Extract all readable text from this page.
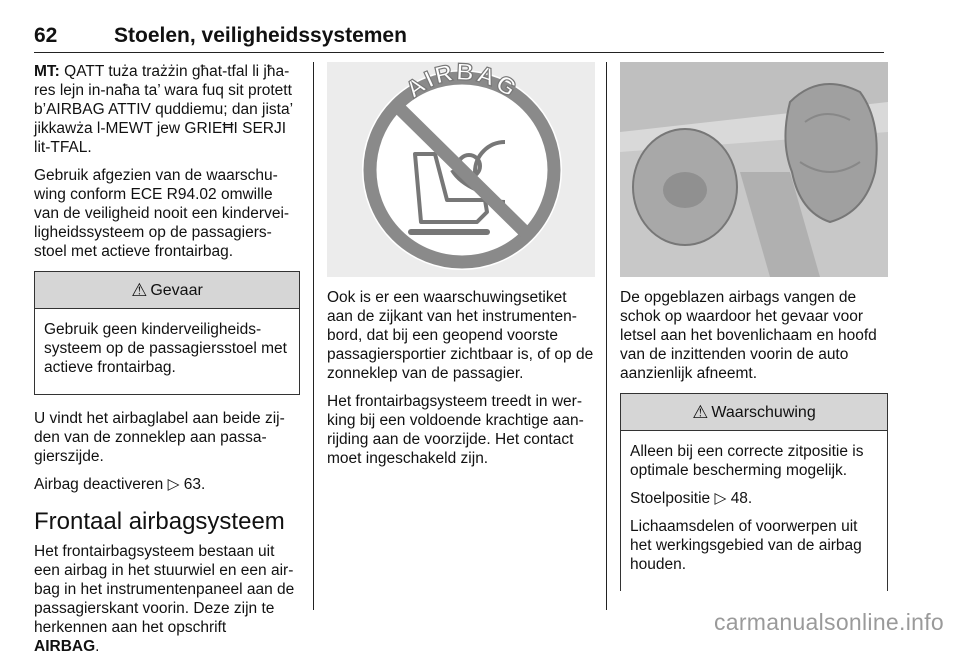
62	Stoelen, veiligheidssystemen

MT: QATT tuża trażżin għat-tfal li jħa-res lejn in-naħa ta’ wara fuq sit protett b’AIRBAG ATTIV quddiemu; dan jista’ jikkawża l-MEWT jew GRIEĦI SERJI lit-TFAL.

Gebruik afgezien van de waarschu-wing conform ECE R94.02 omwille van de veiligheid nooit een kindervei-ligheidssysteem op de passagiers-stoel met actieve frontairbag.

⚠ Gevaar

Gebruik geen kinderveiligheids-systeem op de passagiersstoel met actieve frontairbag.

U vindt het airbaglabel aan beide zij-den van de zonneklep aan passa-gierszijde.

Airbag deactiveren ▷ 63.

Frontaal airbagsysteem

Het frontairbagsysteem bestaan uit een airbag in het stuurwiel en een air-bag in het instrumentenpaneel aan de passagierskant voorin. Deze zijn te herkennen aan het opschrift
AIRBAG.

AIRBAG

Ook is er een waarschuwingsetiket aan de zijkant van het instrumenten-bord, dat bij een geopend voorste passagiersportier zichtbaar is, of op de zonneklep van de passagier.

Het frontairbagsysteem treedt in wer-king bij een voldoende krachtige aan-rijding aan de voorzijde. Het contact moet ingeschakeld zijn.

De opgeblazen airbags vangen de schok op waardoor het gevaar voor letsel aan het bovenlichaam en hoofd van de inzittenden voorin de auto aanzienlijk afneemt.

⚠ Waarschuwing

Alleen bij een correcte zitpositie is optimale bescherming mogelijk.

Stoelpositie ▷ 48.

Lichaamsdelen of voorwerpen uit het werkingsgebied van de airbag houden.

carmanualsonline.info
